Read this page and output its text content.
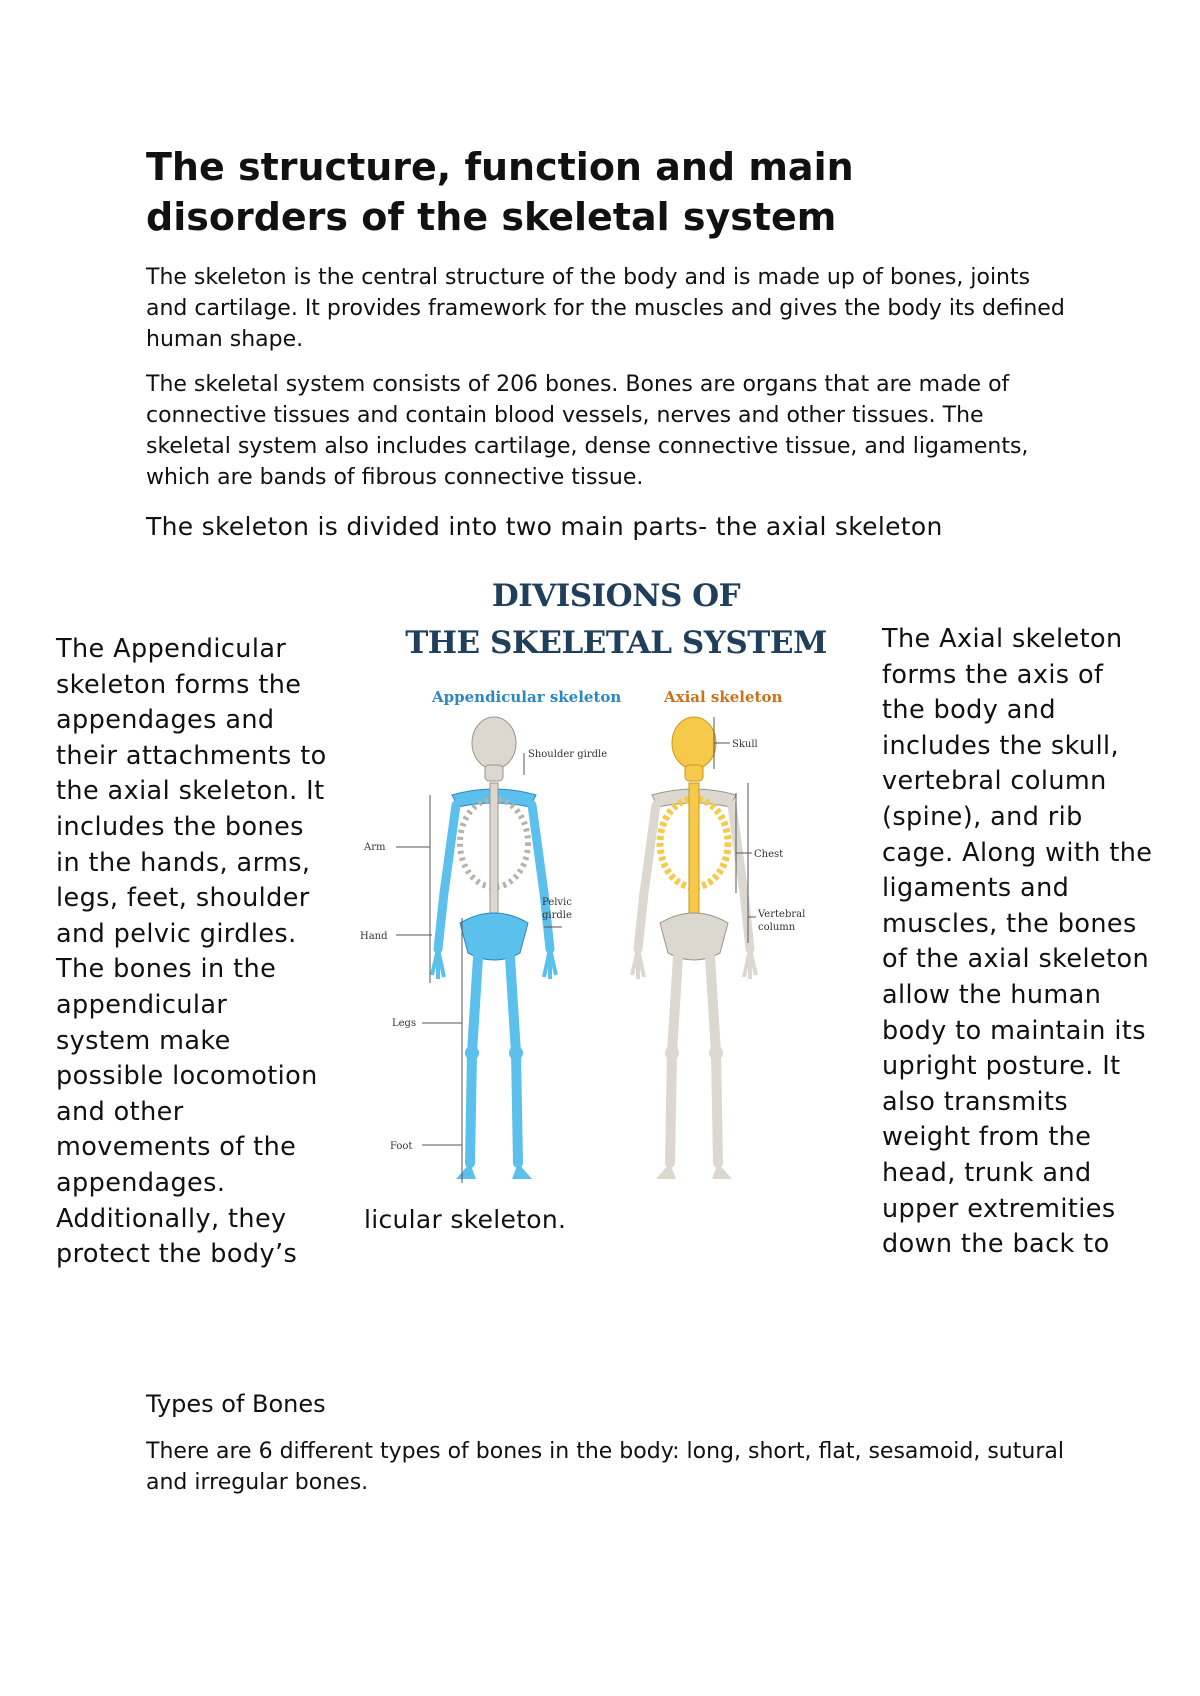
The structure, function and main
disorders of the skeletal system

The skeleton is the central structure of the body and is made up of bones, joints and cartilage. It provides framework for the muscles and gives the body its defined human shape.

The skeletal system consists of 206 bones. Bones are organs that are made of connective tissues and contain blood vessels, nerves and other tissues. The skeletal system also includes cartilage, dense connective tissue, and ligaments, which are bands of fibrous connective tissue.

The skeleton is divided into two main parts- the axial skeleton

The Appendicular
skeleton forms the
appendages and
their attachments to
the axial skeleton. It
includes the bones
in the hands, arms,
legs, feet, shoulder
and pelvic girdles.
The bones in the
appendicular
system make
possible locomotion
and other
movements of the
appendages.
Additionally, they
protect the body’s

The Axial skeleton
forms the axis of
the body and
includes the skull,
vertebral column
(spine), and rib
cage. Along with the
ligaments and
muscles, the bones
of the axial skeleton
allow the human
body to maintain its
upright posture. It
also transmits
weight from the
head, trunk and
upper extremities
down the back to

DIVISIONS OF
THE SKELETAL SYSTEM
Appendicular skeleton	Axial skeleton
Shoulder girdle
Arm
Pelvic
girdle
Hand
Legs
Foot
Skull
Chest
Vertebral
column

licular skeleton.

Types of Bones

There are 6 different types of bones in the body: long, short, flat, sesamoid, sutural and irregular bones.
